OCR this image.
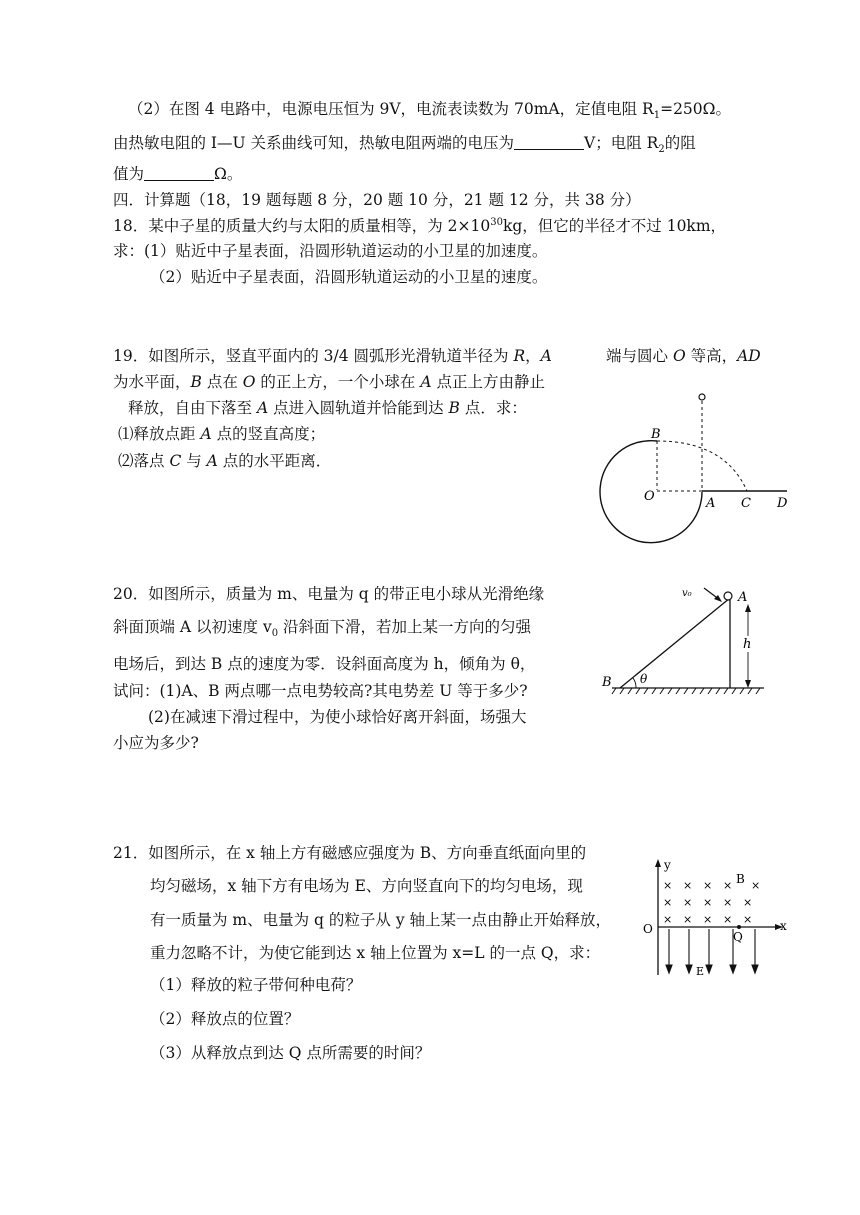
（2）在图 4 电路中，电源电压恒为 9V，电流表读数为 70mA，定值电阻 $R_1=250\Omega$。
由热敏电阻的 I—U 关系曲线可知，热敏电阻两端的电压为	V；电阻 $R_2$的阻
值为	Ω。
四．计算题（18，19 题每题 8 分，20 题 10 分，21 题 12 分，共 38 分）
18．某中子星的质量大约与太阳的质量相等，为 $2\times 10^{30}kg$，但它的半径才不过 10km，
求：(1）贴近中子星表面，沿圆形轨道运动的小卫星的加速度。
（2）贴近中子星表面，沿圆形轨道运动的小卫星的速度。
19．如图所示，竖直平面内的 3/4 圆弧形光滑轨道半径为 R，A	端与圆心 O 等高，AD
为水平面，B 点在 O 的正上方，一个小球在 A 点正上方由静止
释放，自由下落至 A 点进入圆轨道并恰能到达 B 点．求：
⑴释放点距 A 点的竖直高度；
⑵落点 C 与 A 点的水平距离．
B
O	A C D
20．如图所示，质量为 m、电量为 q 的带正电小球从光滑绝缘
斜面顶端 A 以初速度 $v_0$ 沿斜面下滑，若加上某一方向的匀强
电场后，到达 B 点的速度为零．设斜面高度为 h，倾角为 θ，
试问：(1)A、B 两点哪一点电势较高?其电势差 U 等于多少?
(2)在减速下滑过程中，为使小球恰好离开斜面，场强大
小应为多少?
v₀	A
h
B θ
21．如图所示，在 x 轴上方有磁感应强度为 B、方向垂直纸面向里的
均匀磁场，x 轴下方有电场为 E、方向竖直向下的均匀电场，现
有一质量为 m、电量为 q 的粒子从 y 轴上某一点由静止开始释放，
重力忽略不计，为使它能到达 x 轴上位置为 x=L 的一点 Q，求：
（1）释放的粒子带何种电荷？
（2）释放点的位置？
（3）从释放点到达 Q 点所需要的时间？
y
x
O
× × × × ×
× × × × ×
× × × × ×
B
Q
E
